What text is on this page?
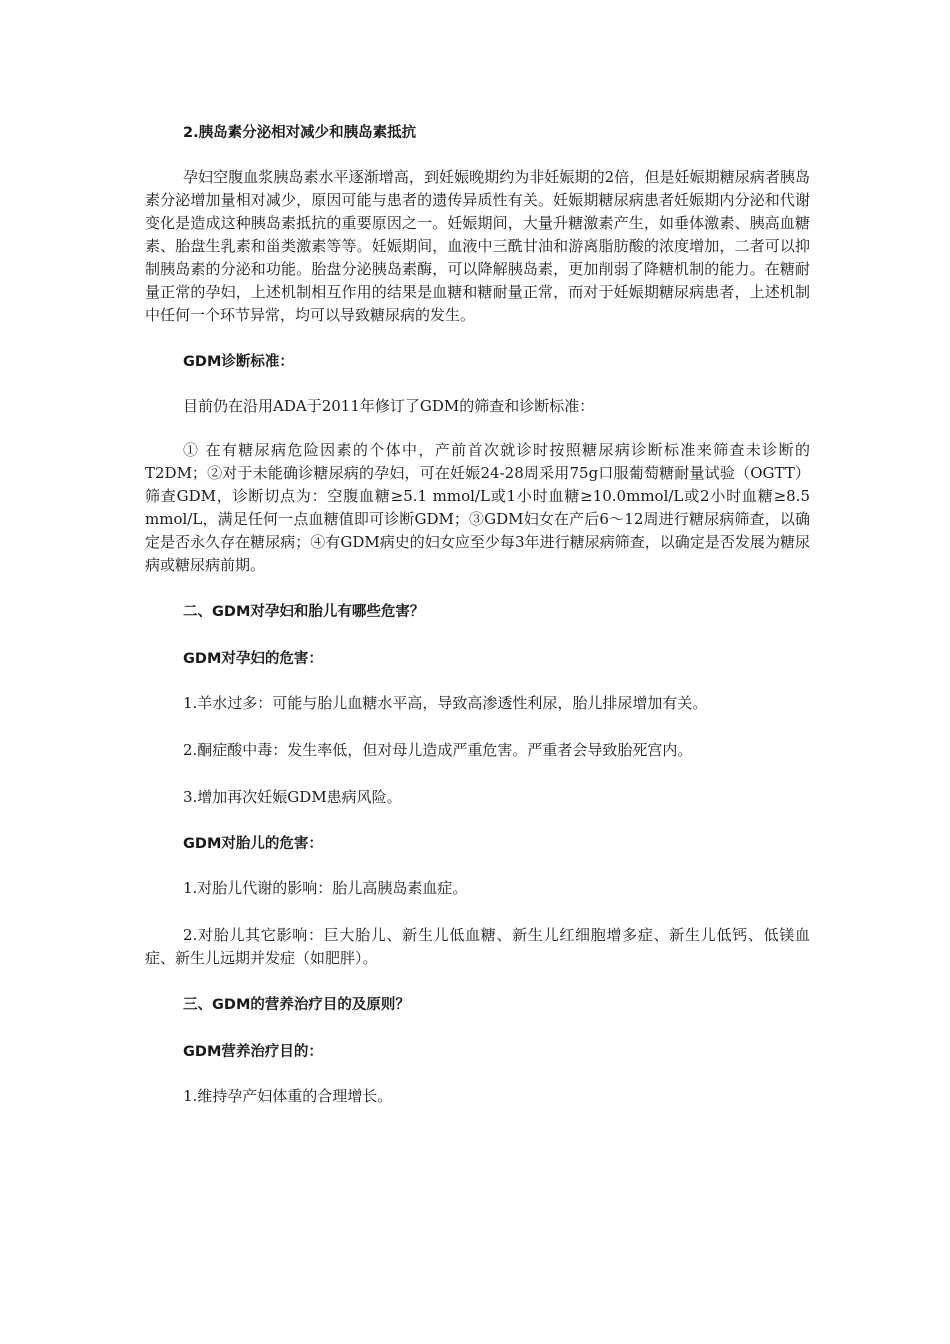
2.胰岛素分泌相对减少和胰岛素抵抗

孕妇空腹血浆胰岛素水平逐渐增高，到妊娠晚期约为非妊娠期的2倍，但是妊娠期糖尿病者胰岛素分泌增加量相对减少，原因可能与患者的遗传异质性有关。妊娠期糖尿病患者妊娠期内分泌和代谢变化是造成这种胰岛素抵抗的重要原因之一。妊娠期间，大量升糖激素产生，如垂体激素、胰高血糖素、胎盘生乳素和甾类激素等等。妊娠期间，血液中三酰甘油和游离脂肪酸的浓度增加，二者可以抑制胰岛素的分泌和功能。胎盘分泌胰岛素酶，可以降解胰岛素，更加削弱了降糖机制的能力。在糖耐量正常的孕妇，上述机制相互作用的结果是血糖和糖耐量正常，而对于妊娠期糖尿病患者，上述机制中任何一个环节异常，均可以导致糖尿病的发生。

GDM诊断标准：

目前仍在沿用ADA于2011年修订了GDM的筛查和诊断标准：

① 在有糖尿病危险因素的个体中，产前首次就诊时按照糖尿病诊断标准来筛查未诊断的T2DM；②对于未能确诊糖尿病的孕妇，可在妊娠24-28周采用75g口服葡萄糖耐量试验（OGTT）筛查GDM，诊断切点为：空腹血糖≥5.1 mmol/L或1小时血糖≥10.0mmol/L或2小时血糖≥8.5 mmol/L，满足任何一点血糖值即可诊断GDM；③GDM妇女在产后6～12周进行糖尿病筛查，以确定是否永久存在糖尿病；④有GDM病史的妇女应至少每3年进行糖尿病筛查，以确定是否发展为糖尿病或糖尿病前期。

二、GDM对孕妇和胎儿有哪些危害？

GDM对孕妇的危害：

1.羊水过多：可能与胎儿血糖水平高，导致高渗透性利尿，胎儿排尿增加有关。

2.酮症酸中毒：发生率低，但对母儿造成严重危害。严重者会导致胎死宫内。

3.增加再次妊娠GDM患病风险。

GDM对胎儿的危害：

1.对胎儿代谢的影响：胎儿高胰岛素血症。

2.对胎儿其它影响：巨大胎儿、新生儿低血糖、新生儿红细胞增多症、新生儿低钙、低镁血症、新生儿远期并发症（如肥胖）。

三、GDM的营养治疗目的及原则？

GDM营养治疗目的：

1.维持孕产妇体重的合理增长。
